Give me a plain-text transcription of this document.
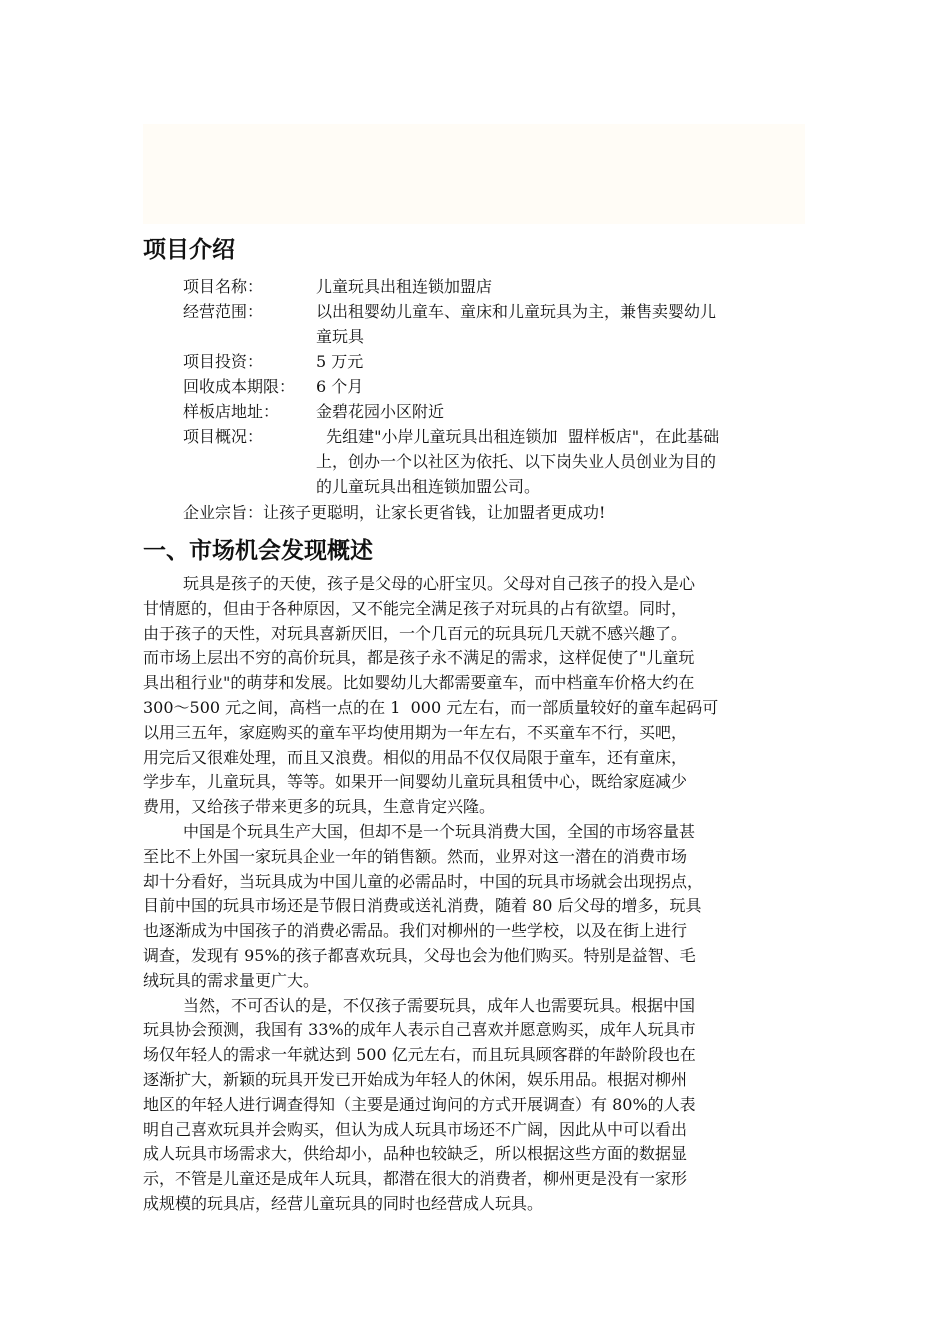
项目介绍
项目名称：	儿童玩具出租连锁加盟店
经营范围：	以出租婴幼儿童车、童床和儿童玩具为主，兼售卖婴幼儿
童玩具
项目投资：	5 万元
回收成本期限： 6 个月
样板店地址： 金碧花园小区附近
项目概况：	先组建"小岸儿童玩具出租连锁加  盟样板店"，在此基础
上，创办一个以社区为依托、以下岗失业人员创业为目的
的儿童玩具出租连锁加盟公司。
企业宗旨：让孩子更聪明，让家长更省钱，让加盟者更成功!
一、市场机会发现概述
玩具是孩子的天使，孩子是父母的心肝宝贝。父母对自己孩子的投入是心
甘情愿的，但由于各种原因，又不能完全满足孩子对玩具的占有欲望。同时，
由于孩子的天性，对玩具喜新厌旧，一个几百元的玩具玩几天就不感兴趣了。
而市场上层出不穷的高价玩具，都是孩子永不满足的需求，这样促使了"儿童玩
具出租行业"的萌芽和发展。比如婴幼儿大都需要童车，而中档童车价格大约在
300～500 元之间，高档一点的在 1  000 元左右，而一部质量较好的童车起码可
以用三五年，家庭购买的童车平均使用期为一年左右，不买童车不行，买吧，
用完后又很难处理，而且又浪费。相似的用品不仅仅局限于童车，还有童床，
学步车，儿童玩具，等等。如果开一间婴幼儿童玩具租赁中心，既给家庭减少
费用，又给孩子带来更多的玩具，生意肯定兴隆。
中国是个玩具生产大国，但却不是一个玩具消费大国，全国的市场容量甚
至比不上外国一家玩具企业一年的销售额。然而，业界对这一潜在的消费市场
却十分看好，当玩具成为中国儿童的必需品时，中国的玩具市场就会出现拐点，
目前中国的玩具市场还是节假日消费或送礼消费，随着 80 后父母的增多，玩具
也逐渐成为中国孩子的消费必需品。我们对柳州的一些学校，以及在街上进行
调查，发现有 95%的孩子都喜欢玩具，父母也会为他们购买。特别是益智、毛
绒玩具的需求量更广大。
当然，不可否认的是，不仅孩子需要玩具，成年人也需要玩具。根据中国
玩具协会预测，我国有 33%的成年人表示自己喜欢并愿意购买，成年人玩具市
场仅年轻人的需求一年就达到 500 亿元左右，而且玩具顾客群的年龄阶段也在
逐渐扩大，新颖的玩具开发已开始成为年轻人的休闲，娱乐用品。根据对柳州
地区的年轻人进行调查得知（主要是通过询问的方式开展调查）有 80%的人表
明自己喜欢玩具并会购买，但认为成人玩具市场还不广阔，因此从中可以看出
成人玩具市场需求大，供给却小，品种也较缺乏，所以根据这些方面的数据显
示，不管是儿童还是成年人玩具，都潜在很大的消费者，柳州更是没有一家形
成规模的玩具店，经营儿童玩具的同时也经营成人玩具。
